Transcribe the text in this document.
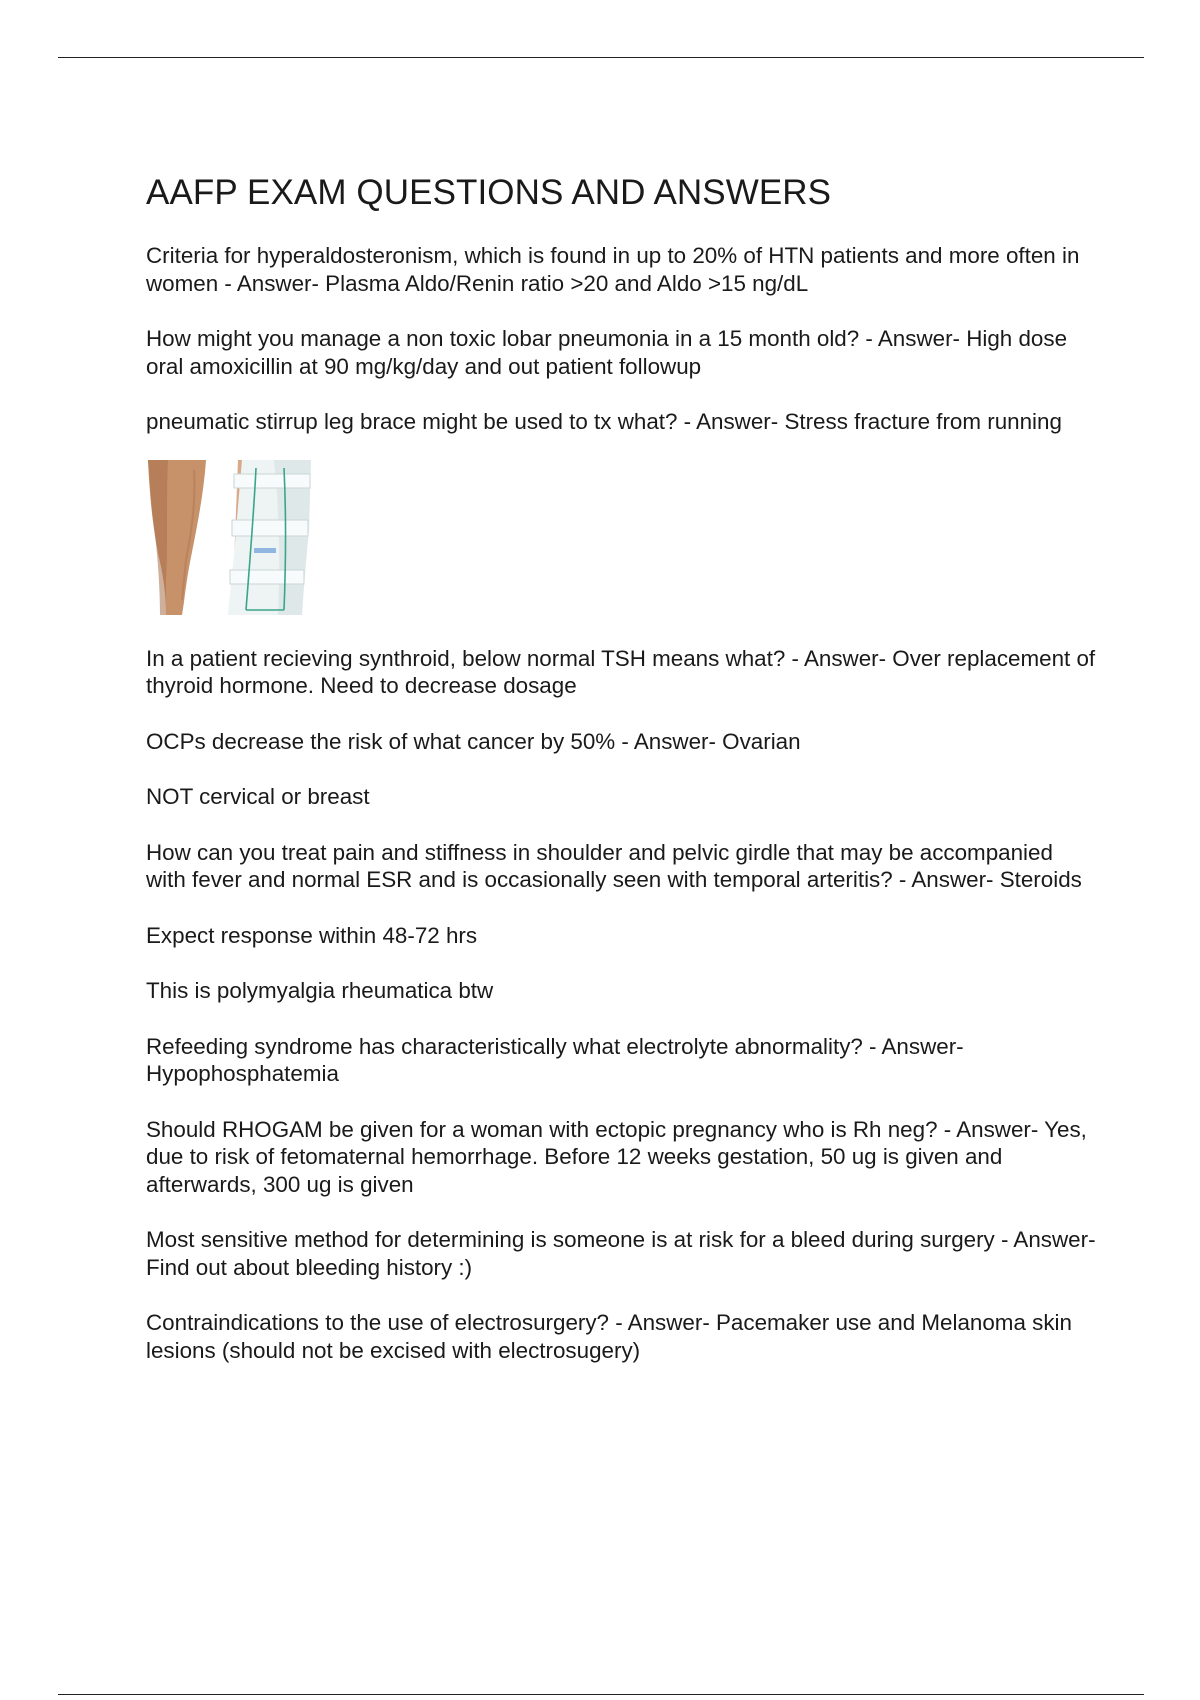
AAFP EXAM QUESTIONS AND ANSWERS

Criteria for hyperaldosteronism, which is found in up to 20% of HTN patients and more often in women - Answer- Plasma Aldo/Renin ratio >20 and Aldo >15 ng/dL

How might you manage a non toxic lobar pneumonia in a 15 month old? - Answer- High dose oral amoxicillin at 90 mg/kg/day and out patient followup

pneumatic stirrup leg brace might be used to tx what? - Answer- Stress fracture from running

In a patient recieving synthroid, below normal TSH means what? - Answer- Over replacement of thyroid hormone. Need to decrease dosage

OCPs decrease the risk of what cancer by 50% - Answer- Ovarian

NOT cervical or breast

How can you treat pain and stiffness in shoulder and pelvic girdle that may be accompanied with fever and normal ESR and is occasionally seen with temporal arteritis? - Answer- Steroids

Expect response within 48-72 hrs

This is polymyalgia rheumatica btw

Refeeding syndrome has characteristically what electrolyte abnormality? - Answer- Hypophosphatemia

Should RHOGAM be given for a woman with ectopic pregnancy who is Rh neg? - Answer- Yes, due to risk of fetomaternal hemorrhage. Before 12 weeks gestation, 50 ug is given and afterwards, 300 ug is given

Most sensitive method for determining is someone is at risk for a bleed during surgery - Answer- Find out about bleeding history :)

Contraindications to the use of electrosurgery? - Answer- Pacemaker use and Melanoma skin lesions (should not be excised with electrosugery)
